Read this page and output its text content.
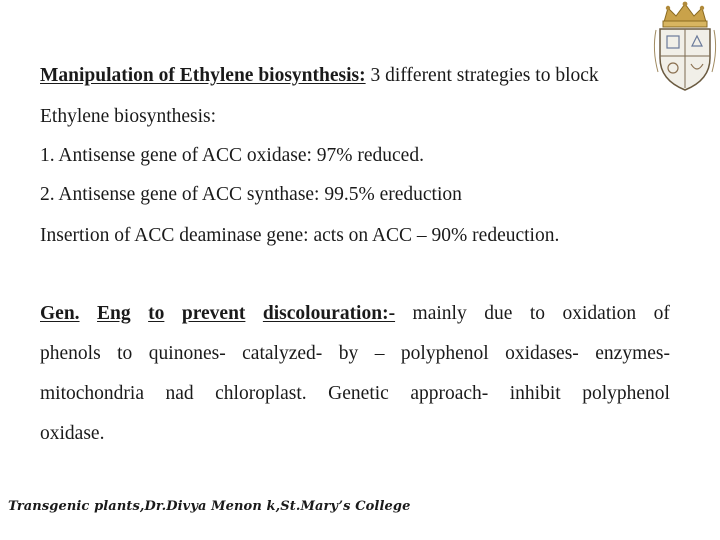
Manipulation of Ethylene biosynthesis: 3 different strategies to block
Ethylene biosynthesis:
1. Antisense gene of ACC oxidase: 97% reduced.
2. Antisense gene of ACC synthase: 99.5% ereduction
Insertion of ACC deaminase gene: acts on ACC – 90% redeuction.
Gen. Eng to prevent discolouration:- mainly due to oxidation of
phenols to quinones- catalyzed- by – polyphenol oxidases- enzymes-
mitochondria nad chloroplast. Genetic approach- inhibit polyphenol
oxidase.
Transgenic plants,Dr.Divya Menon k,St.Mary’s College
